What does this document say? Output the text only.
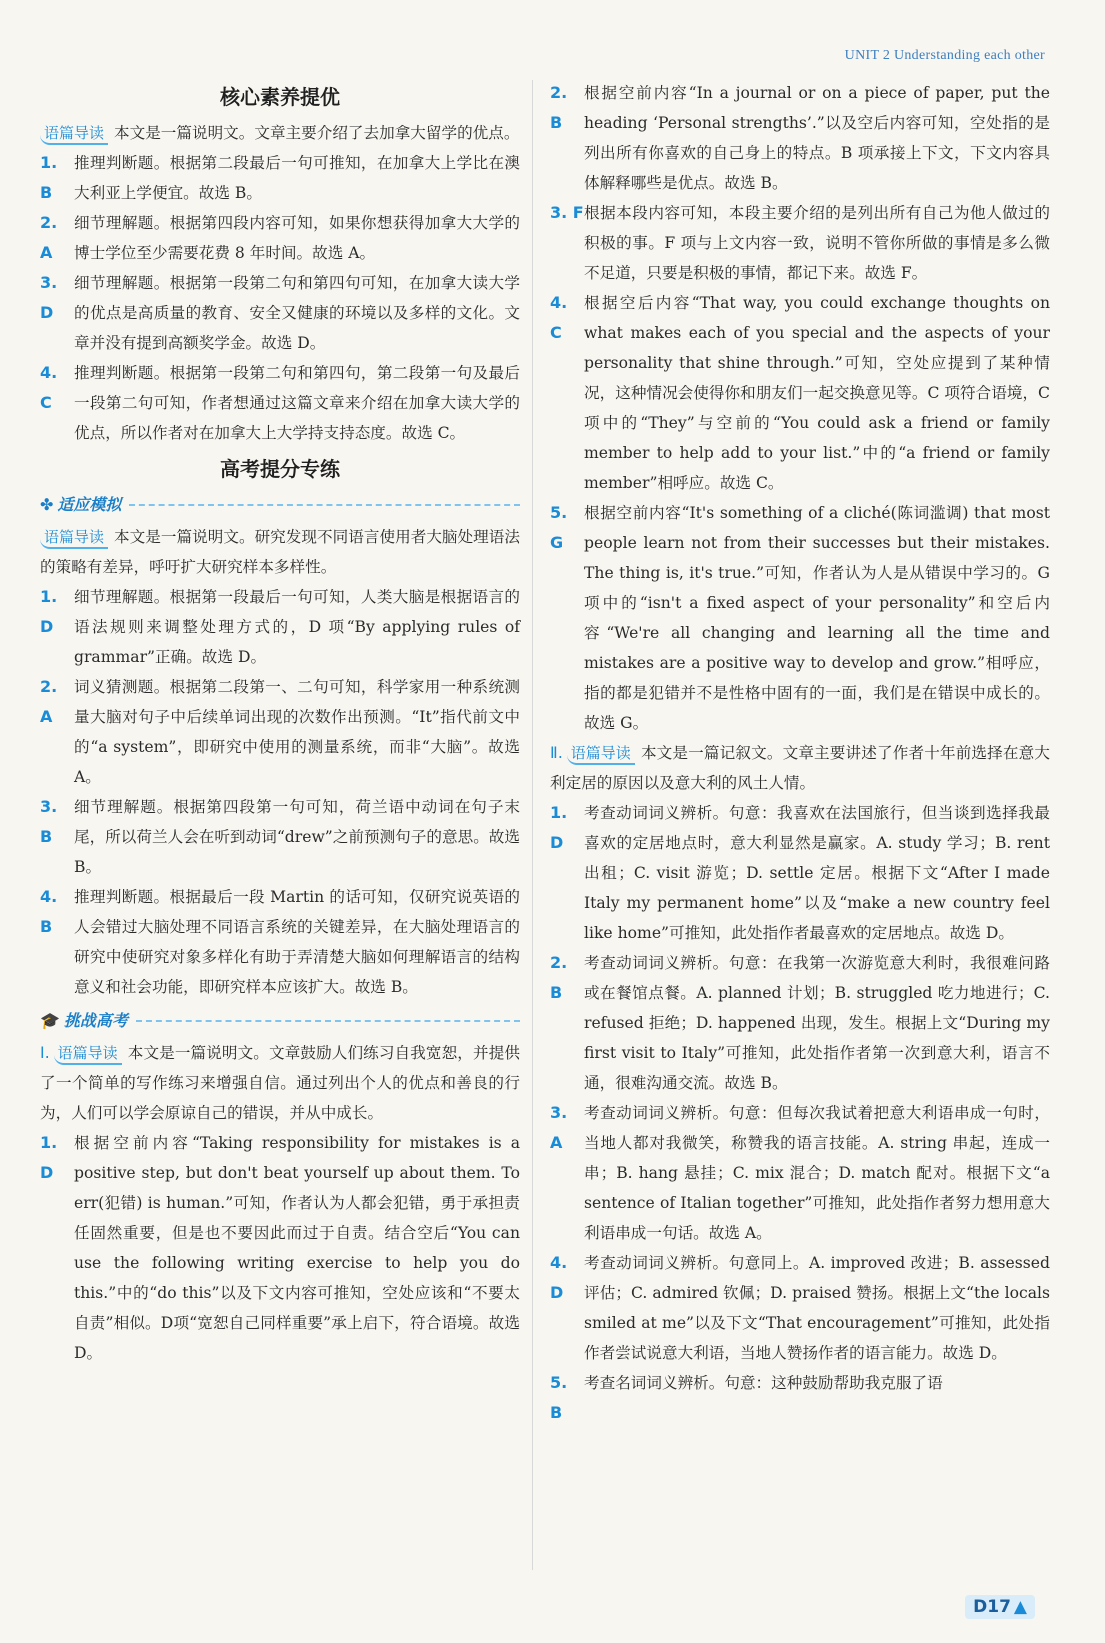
UNIT 2 Understanding each other
核心素养提优

语篇导读 本文是一篇说明文。文章主要介绍了去加拿大留学的优点。

1. B
推理判断题。根据第二段最后一句可推知，在加拿大上学比在澳大利亚上学便宜。故选 B。
2. A
细节理解题。根据第四段内容可知，如果你想获得加拿大大学的博士学位至少需要花费 8 年时间。故选 A。
3. D
细节理解题。根据第一段第二句和第四句可知，在加拿大读大学的优点是高质量的教育、安全又健康的环境以及多样的文化。文章并没有提到高额奖学金。故选 D。
4. C
推理判断题。根据第一段第二句和第四句，第二段第一句及最后一段第二句可知，作者想通过这篇文章来介绍在加拿大读大学的优点，所以作者对在加拿大上大学持支持态度。故选 C。
高考提分专练
✤ 适应模拟

语篇导读 本文是一篇说明文。研究发现不同语言使用者大脑处理语法的策略有差异，呼吁扩大研究样本多样性。

1. D
细节理解题。根据第一段最后一句可知，人类大脑是根据语言的语法规则来调整处理方式的，D 项“By applying rules of grammar”正确。故选 D。
2. A
词义猜测题。根据第二段第一、二句可知，科学家用一种系统测量大脑对句子中后续单词出现的次数作出预测。“It”指代前文中的“a system”，即研究中使用的测量系统，而非“大脑”。故选 A。
3. B
细节理解题。根据第四段第一句可知，荷兰语中动词在句子末尾，所以荷兰人会在听到动词“drew”之前预测句子的意思。故选 B。
4. B
推理判断题。根据最后一段 Martin 的话可知，仅研究说英语的人会错过大脑处理不同语言系统的关键差异，在大脑处理语言的研究中使研究对象多样化有助于弄清楚大脑如何理解语言的结构意义和社会功能，即研究样本应该扩大。故选 B。
🎓 挑战高考

Ⅰ. 语篇导读 本文是一篇说明文。文章鼓励人们练习自我宽恕，并提供了一个简单的写作练习来增强自信。通过列出个人的优点和善良的行为，人们可以学会原谅自己的错误，并从中成长。

1. D
根据空前内容“Taking responsibility for mistakes is a positive step, but don't beat yourself up about them. To err(犯错) is human.”可知，作者认为人都会犯错，勇于承担责任固然重要，但是也不要因此而过于自责。结合空后“You can use the following writing exercise to help you do this.”中的“do this”以及下文内容可推知，空处应该和“不要太自责”相似。D项“宽恕自己同样重要”承上启下，符合语境。故选 D。
2. B
根据空前内容“In a journal or on a piece of paper, put the heading ‘Personal strengths’.”以及空后内容可知，空处指的是列出所有你喜欢的自己身上的特点。B 项承接上下文，下文内容具体解释哪些是优点。故选 B。
3. F 根据本段内容可知，本段主要介绍的是列出所有自己为他人做过的积极的事。F 项与上文内容一致，说明不管你所做的事情是多么微不足道，只要是积极的事情，都记下来。故选 F。
4. C
根据空后内容“That way, you could exchange thoughts on what makes each of you special and the aspects of your personality that shine through.”可知，空处应提到了某种情况，这种情况会使得你和朋友们一起交换意见等。C 项符合语境，C 项中的“They”与空前的“You could ask a friend or family member to help add to your list.”中的“a friend or family member”相呼应。故选 C。
5. G
根据空前内容“It's something of a cliché(陈词滥调) that most people learn not from their successes but their mistakes. The thing is, it's true.”可知，作者认为人是从错误中学习的。G 项中的“isn't a fixed aspect of your personality”和空后内容“We're all changing and learning all the time and mistakes are a positive way to develop and grow.”相呼应，指的都是犯错并不是性格中固有的一面，我们是在错误中成长的。故选 G。

Ⅱ. 语篇导读 本文是一篇记叙文。文章主要讲述了作者十年前选择在意大利定居的原因以及意大利的风土人情。

1. D
考查动词词义辨析。句意：我喜欢在法国旅行，但当谈到选择我最喜欢的定居地点时，意大利显然是赢家。A. study 学习；B. rent 出租；C. visit 游览；D. settle 定居。根据下文“After I made Italy my permanent home”以及“make a new country feel like home”可推知，此处指作者最喜欢的定居地点。故选 D。
2. B
考查动词词义辨析。句意：在我第一次游览意大利时，我很难问路或在餐馆点餐。A. planned 计划；B. struggled 吃力地进行；C. refused 拒绝；D. happened 出现，发生。根据上文“During my first visit to Italy”可推知，此处指作者第一次到意大利，语言不通，很难沟通交流。故选 B。
3. A
考查动词词义辨析。句意：但每次我试着把意大利语串成一句时，当地人都对我微笑，称赞我的语言技能。A. string 串起，连成一串；B. hang 悬挂；C. mix 混合；D. match 配对。根据下文“a sentence of Italian together”可推知，此处指作者努力想用意大利语串成一句话。故选 A。
4. D
考查动词词义辨析。句意同上。A. improved 改进；B. assessed 评估；C. admired 钦佩；D. praised 赞扬。根据上文“the locals smiled at me”以及下文“That encouragement”可推知，此处指作者尝试说意大利语，当地人赞扬作者的语言能力。故选 D。
5. B
考查名词词义辨析。句意：这种鼓励帮助我克服了语
D17 ▲
